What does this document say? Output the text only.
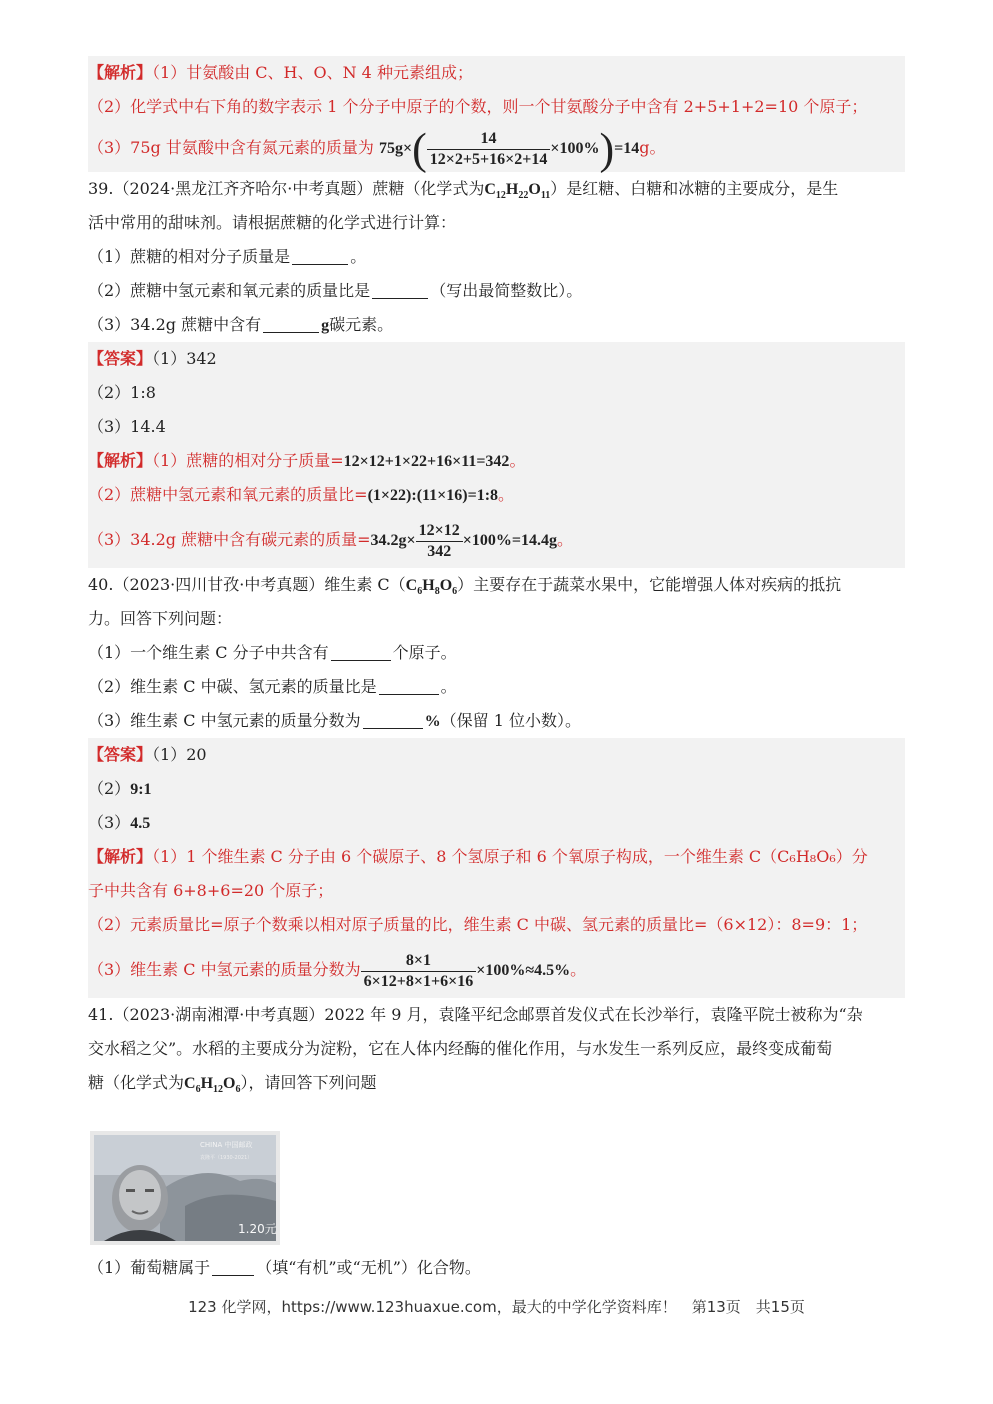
【解析】（1）甘氨酸由 C、H、O、N 4 种元素组成；
（2）化学式中右下角的数字表示 1 个分子中原子的个数，则一个甘氨酸分子中含有 2+5+1+2=10 个原子；
（3）75g 甘氨酸中含有氮元素的质量为 $75g\times( \frac{14}{12\times 2+5+16\times 2+14} \times 100\%)=14g$。
39.（2024·黑龙江齐齐哈尔·中考真题）蔗糖（化学式为$C_{12}H_{22}O_{11}$）是红糖、白糖和冰糖的主要成分，是生
活中常用的甜味剂。请根据蔗糖的化学式进行计算：
（1）蔗糖的相对分子质量是	。
（2）蔗糖中氢元素和氧元素的质量比是	（写出最简整数比）。
（3）34.2g 蔗糖中含有	g碳元素。
【答案】（1）342
（2）1:8
（3）14.4
【解析】（1）蔗糖的相对分子质量=12×12+1×22+16×11=342。
（2）蔗糖中氢元素和氧元素的质量比=(1×22):(11×16)=1:8。
（3）34.2g 蔗糖中含有碳元素的质量$=34.2g\times \frac{12\times 12}{342} \times 100\%=14.4g$。
40.（2023·四川甘孜·中考真题）维生素 $C(C_6H_8O_6)$主要存在于蔬菜水果中，它能增强人体对疾病的抵抗
力。回答下列问题：
（1）一个维生素 C 分子中共含有	个原子。
（2）维生素 C 中碳、氢元素的质量比是	。
（3）维生素 C 中氢元素的质量分数为	%（保留 1 位小数）。
【答案】（1）20
（2）9:1
（3）4.5
【解析】（1）1 个维生素 C 分子由 6 个碳原子、8 个氢原子和 6 个氧原子构成，一个维生素 C（C₆H₈O₆）分
子中共含有 6+8+6=20 个原子；
（2）元素质量比=原子个数乘以相对原子质量的比，维生素 C 中碳、氢元素的质量比=（6×12）：8=9：1；
（3）维生素 C 中氢元素的质量分数为 $\frac{8\times 1}{6\times 12+8\times 1+6\times 16} \times 100\%\approx 4.5\%$。
41.（2023·湖南湘潭·中考真题）2022 年 9 月，袁隆平纪念邮票首发仪式在长沙举行，袁隆平院士被称为“杂
交水稻之父”。水稻的主要成分为淀粉，它在人体内经酶的催化作用，与水发生一系列反应，最终变成葡萄
糖（化学式为$C_6H_{12}O_6$），请回答下列问题
CHINA 中国邮政
袁隆平（1930-2021）
1.20元
（1）葡萄糖属于	（填“有机”或“无机”）化合物。
123 化学网，https://www.123huaxue.com，最大的中学化学资料库！　第13页　共15页
